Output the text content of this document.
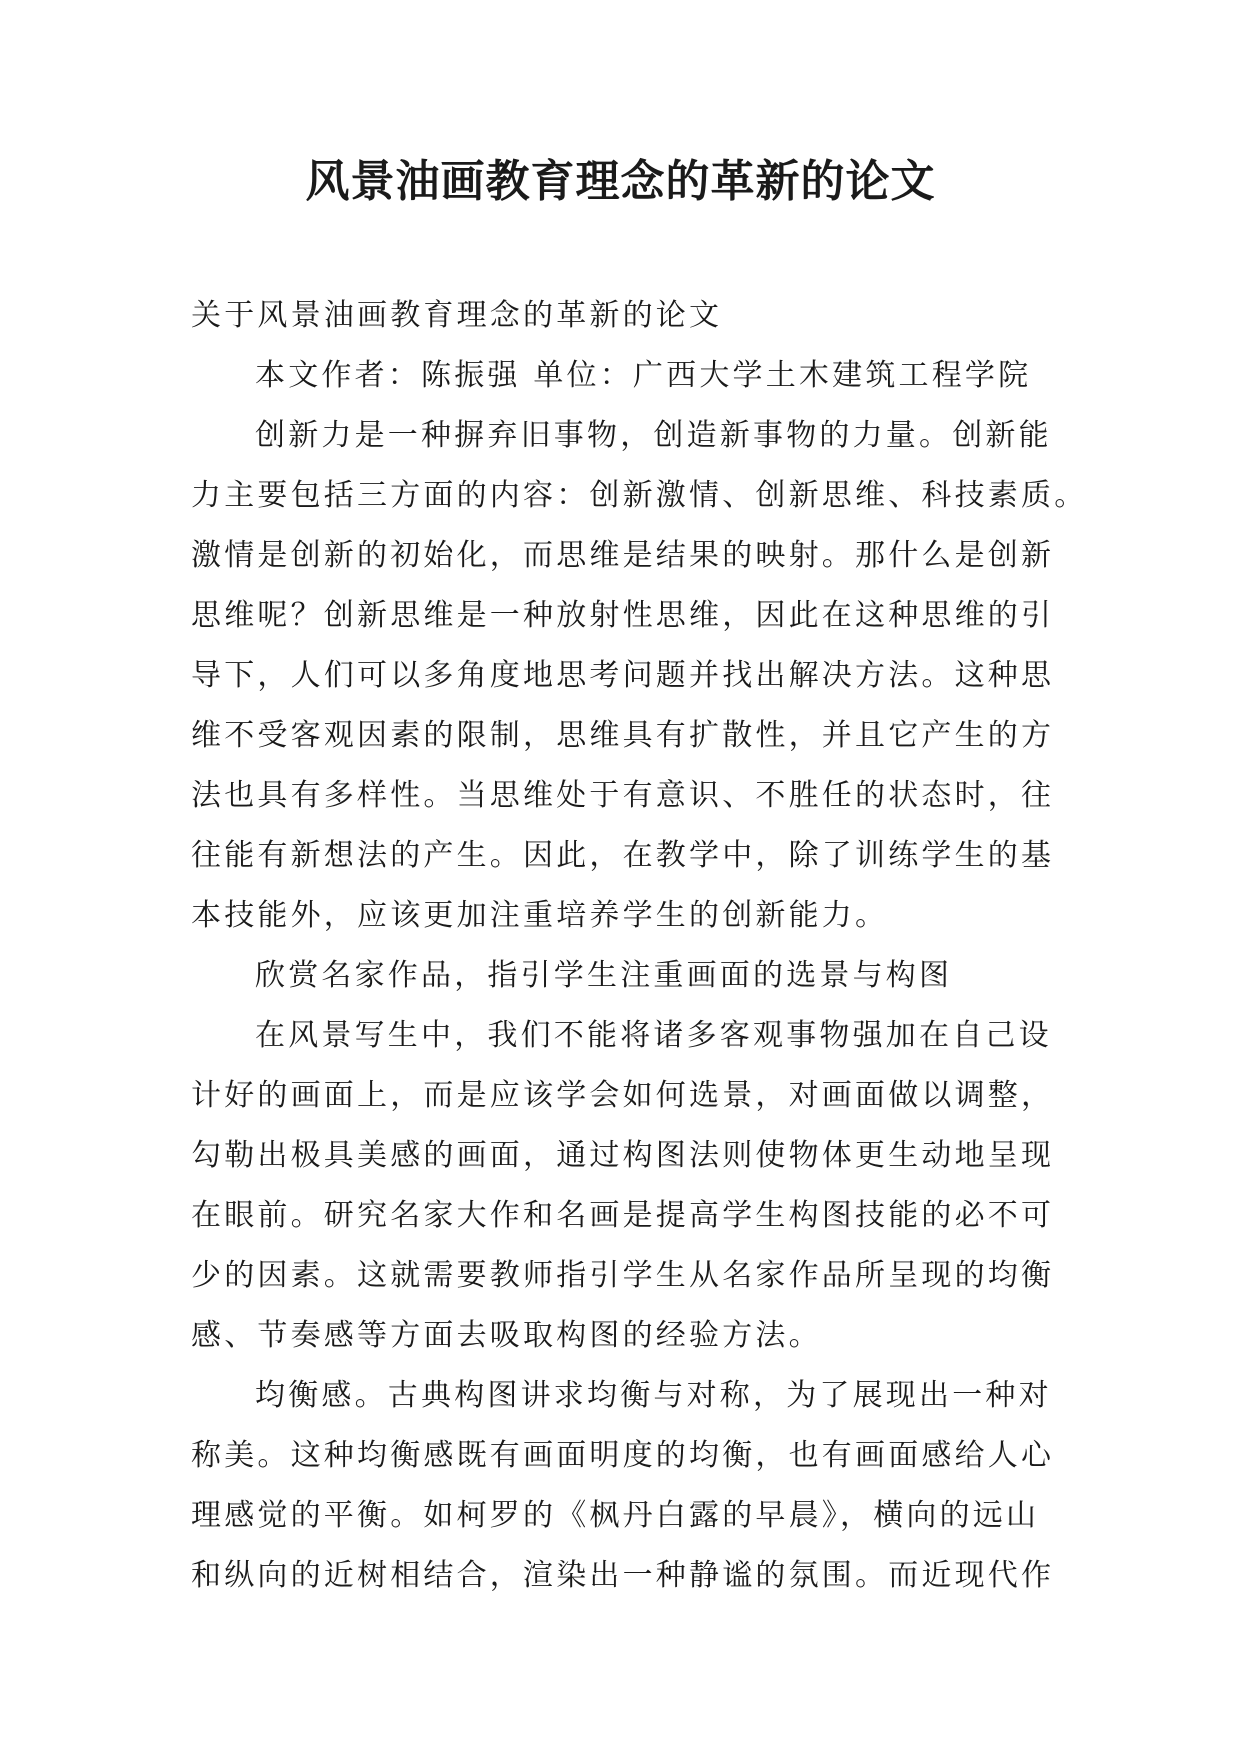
风景油画教育理念的革新的论文
关于风景油画教育理念的革新的论文
本文作者：陈振强 单位：广西大学土木建筑工程学院
创新力是一种摒弃旧事物，创造新事物的力量。创新能
力主要包括三方面的内容：创新激情、创新思维、科技素质。
激情是创新的初始化，而思维是结果的映射。那什么是创新
思维呢？创新思维是一种放射性思维，因此在这种思维的引
导下，人们可以多角度地思考问题并找出解决方法。这种思
维不受客观因素的限制，思维具有扩散性，并且它产生的方
法也具有多样性。当思维处于有意识、不胜任的状态时，往
往能有新想法的产生。因此，在教学中，除了训练学生的基
本技能外，应该更加注重培养学生的创新能力。
欣赏名家作品，指引学生注重画面的选景与构图
在风景写生中，我们不能将诸多客观事物强加在自己设
计好的画面上，而是应该学会如何选景，对画面做以调整，
勾勒出极具美感的画面，通过构图法则使物体更生动地呈现
在眼前。研究名家大作和名画是提高学生构图技能的必不可
少的因素。这就需要教师指引学生从名家作品所呈现的均衡
感、节奏感等方面去吸取构图的经验方法。
均衡感。古典构图讲求均衡与对称，为了展现出一种对
称美。这种均衡感既有画面明度的均衡，也有画面感给人心
理感觉的平衡。如柯罗的《枫丹白露的早晨》，横向的远山
和纵向的近树相结合，渲染出一种静谧的氛围。而近现代作
